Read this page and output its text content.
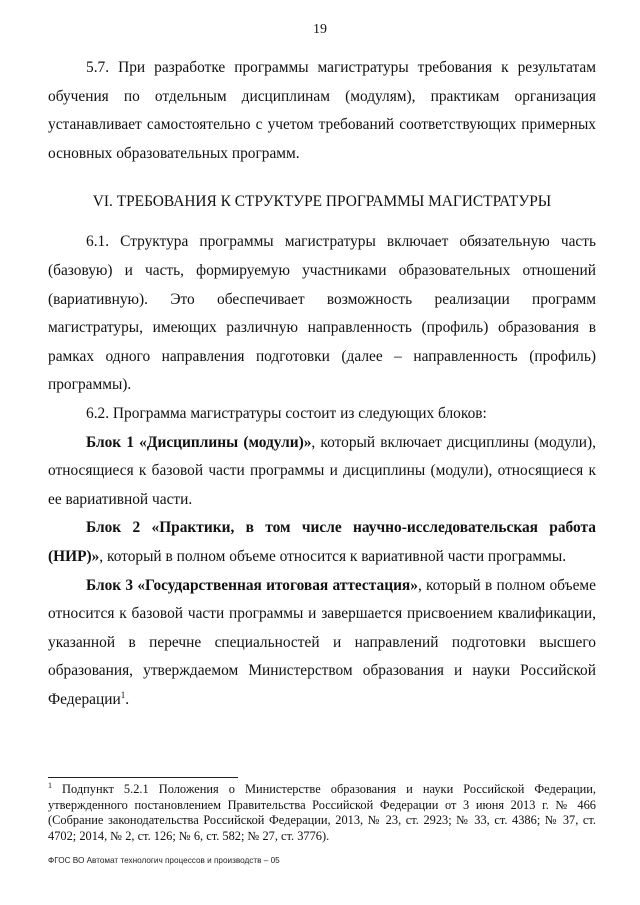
19

5.7. При разработке программы магистратуры требования к результатам обучения по отдельным дисциплинам (модулям), практикам организация устанавливает самостоятельно с учетом требований соответствующих примерных основных образовательных программ.

VI. ТРЕБОВАНИЯ К СТРУКТУРЕ ПРОГРАММЫ МАГИСТРАТУРЫ

6.1. Структура программы магистратуры включает обязательную часть (базовую) и часть, формируемую участниками образовательных отношений (вариативную). Это обеспечивает возможность реализации программ магистратуры, имеющих различную направленность (профиль) образования в рамках одного направления подготовки (далее – направленность (профиль) программы).

6.2. Программа магистратуры состоит из следующих блоков:

Блок 1 «Дисциплины (модули)», который включает дисциплины (модули), относящиеся к базовой части программы и дисциплины (модули), относящиеся к ее вариативной части.

Блок 2 «Практики, в том числе научно-исследовательская работа (НИР)», который в полном объеме относится к вариативной части программы.

Блок 3 «Государственная итоговая аттестация», который в полном объеме относится к базовой части программы и завершается присвоением квалификации, указанной в перечне специальностей и направлений подготовки высшего образования, утверждаемом Министерством образования и науки Российской Федерации$^1$.

$^1$ Подпункт 5.2.1 Положения о Министерстве образования и науки Российской Федерации, утвержденного постановлением Правительства Российской Федерации от 3 июня 2013 г. № 466 (Собрание законодательства Российской Федерации, 2013, № 23, ст. 2923; № 33, ст. 4386; № 37, ст. 4702; 2014, № 2, ст. 126; № 6, ст. 582; № 27, ст. 3776).
ФГОС ВО Автомат технологич процессов и производств – 05
